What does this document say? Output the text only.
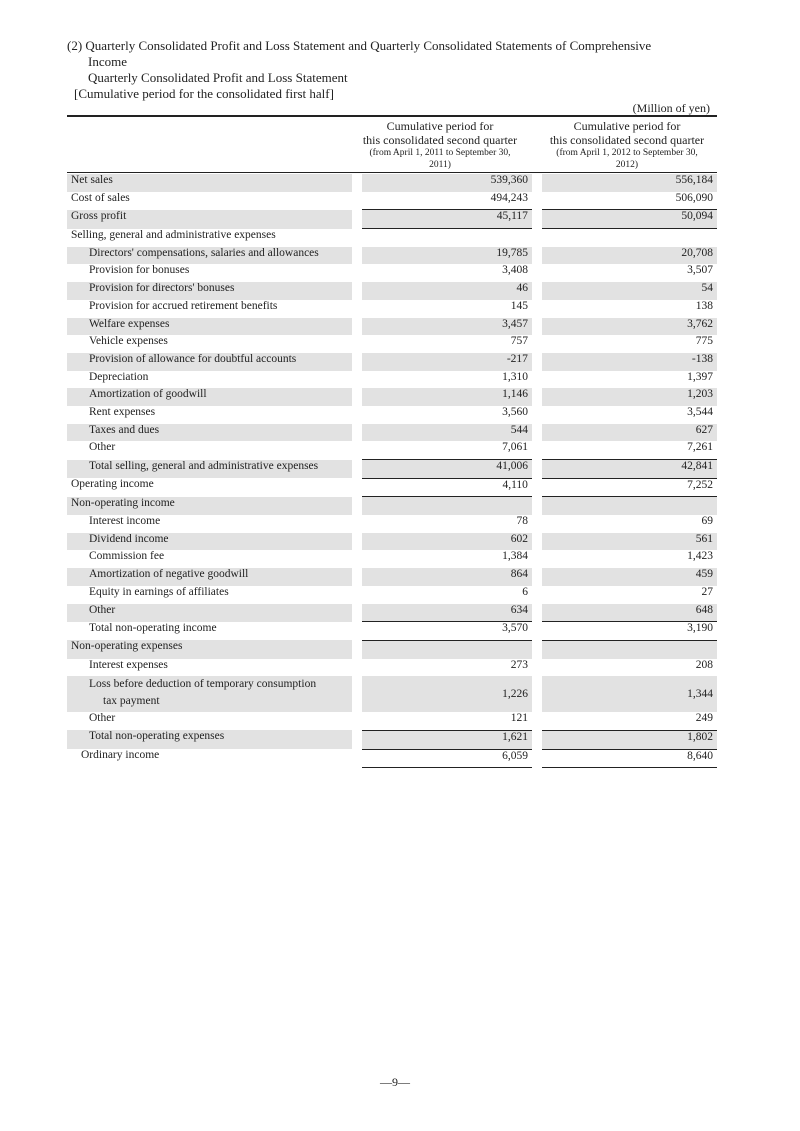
(2) Quarterly Consolidated Profit and Loss Statement and Quarterly Consolidated Statements of Comprehensive
Income
Quarterly Consolidated Profit and Loss Statement
[Cumulative period for the consolidated first half]
(Million of yen)
Cumulative period for
this consolidated second quarter
(from April 1, 2011 to September 30,
2011)
Cumulative period for
this consolidated second quarter
(from April 1, 2012 to September 30,
2012)
Net sales		539,360		556,184
Cost of sales		494,243		506,090
Gross profit		45,117		50,094
Selling, general and administrative expenses				
Directors' compensations, salaries and allowances		19,785		20,708
Provision for bonuses		3,408		3,507
Provision for directors' bonuses		46		54
Provision for accrued retirement benefits		145		138
Welfare expenses		3,457		3,762
Vehicle expenses		757		775
Provision of allowance for doubtful accounts		-217		-138
Depreciation		1,310		1,397
Amortization of goodwill		1,146		1,203
Rent expenses		3,560		3,544
Taxes and dues		544		627
Other		7,061		7,261
Total selling, general and administrative expenses		41,006		42,841
Operating income		4,110		7,252
Non-operating income				
Interest income		78		69
Dividend income		602		561
Commission fee		1,384		1,423
Amortization of negative goodwill		864		459
Equity in earnings of affiliates		6		27
Other		634		648
Total non-operating income		3,570		3,190
Non-operating expenses				
Interest expenses		273		208

Loss before deduction of temporary consumption
tax payment		1,226		1,344
Other		121		249
Total non-operating expenses		1,621		1,802
Ordinary income		6,059		8,640
—9—
